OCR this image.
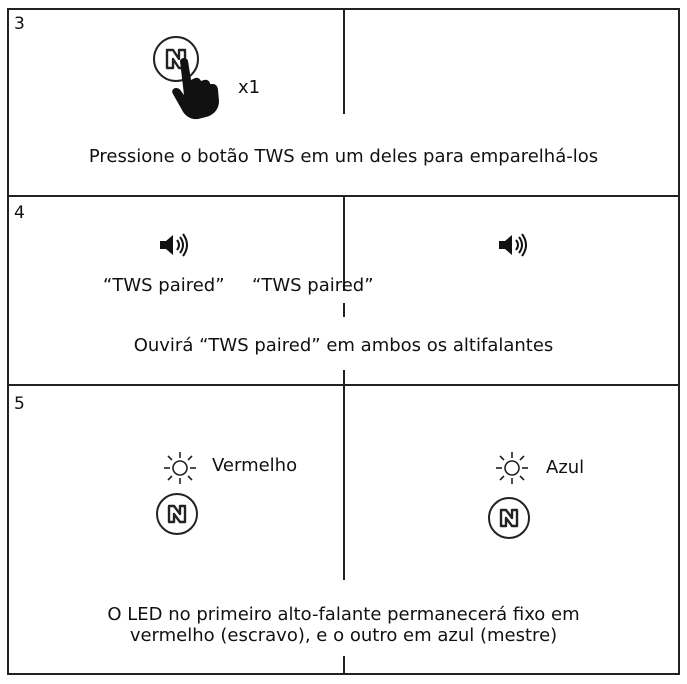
3
x1
Pressione o botão TWS em um deles para emparelhá-los
4
“TWS paired” “TWS paired”
Ouvirá “TWS paired” em ambos os altifalantes
5
Vermelho	Azul
O LED no primeiro alto-falante permanecerá fixo em
vermelho (escravo), e o outro em azul (mestre)
